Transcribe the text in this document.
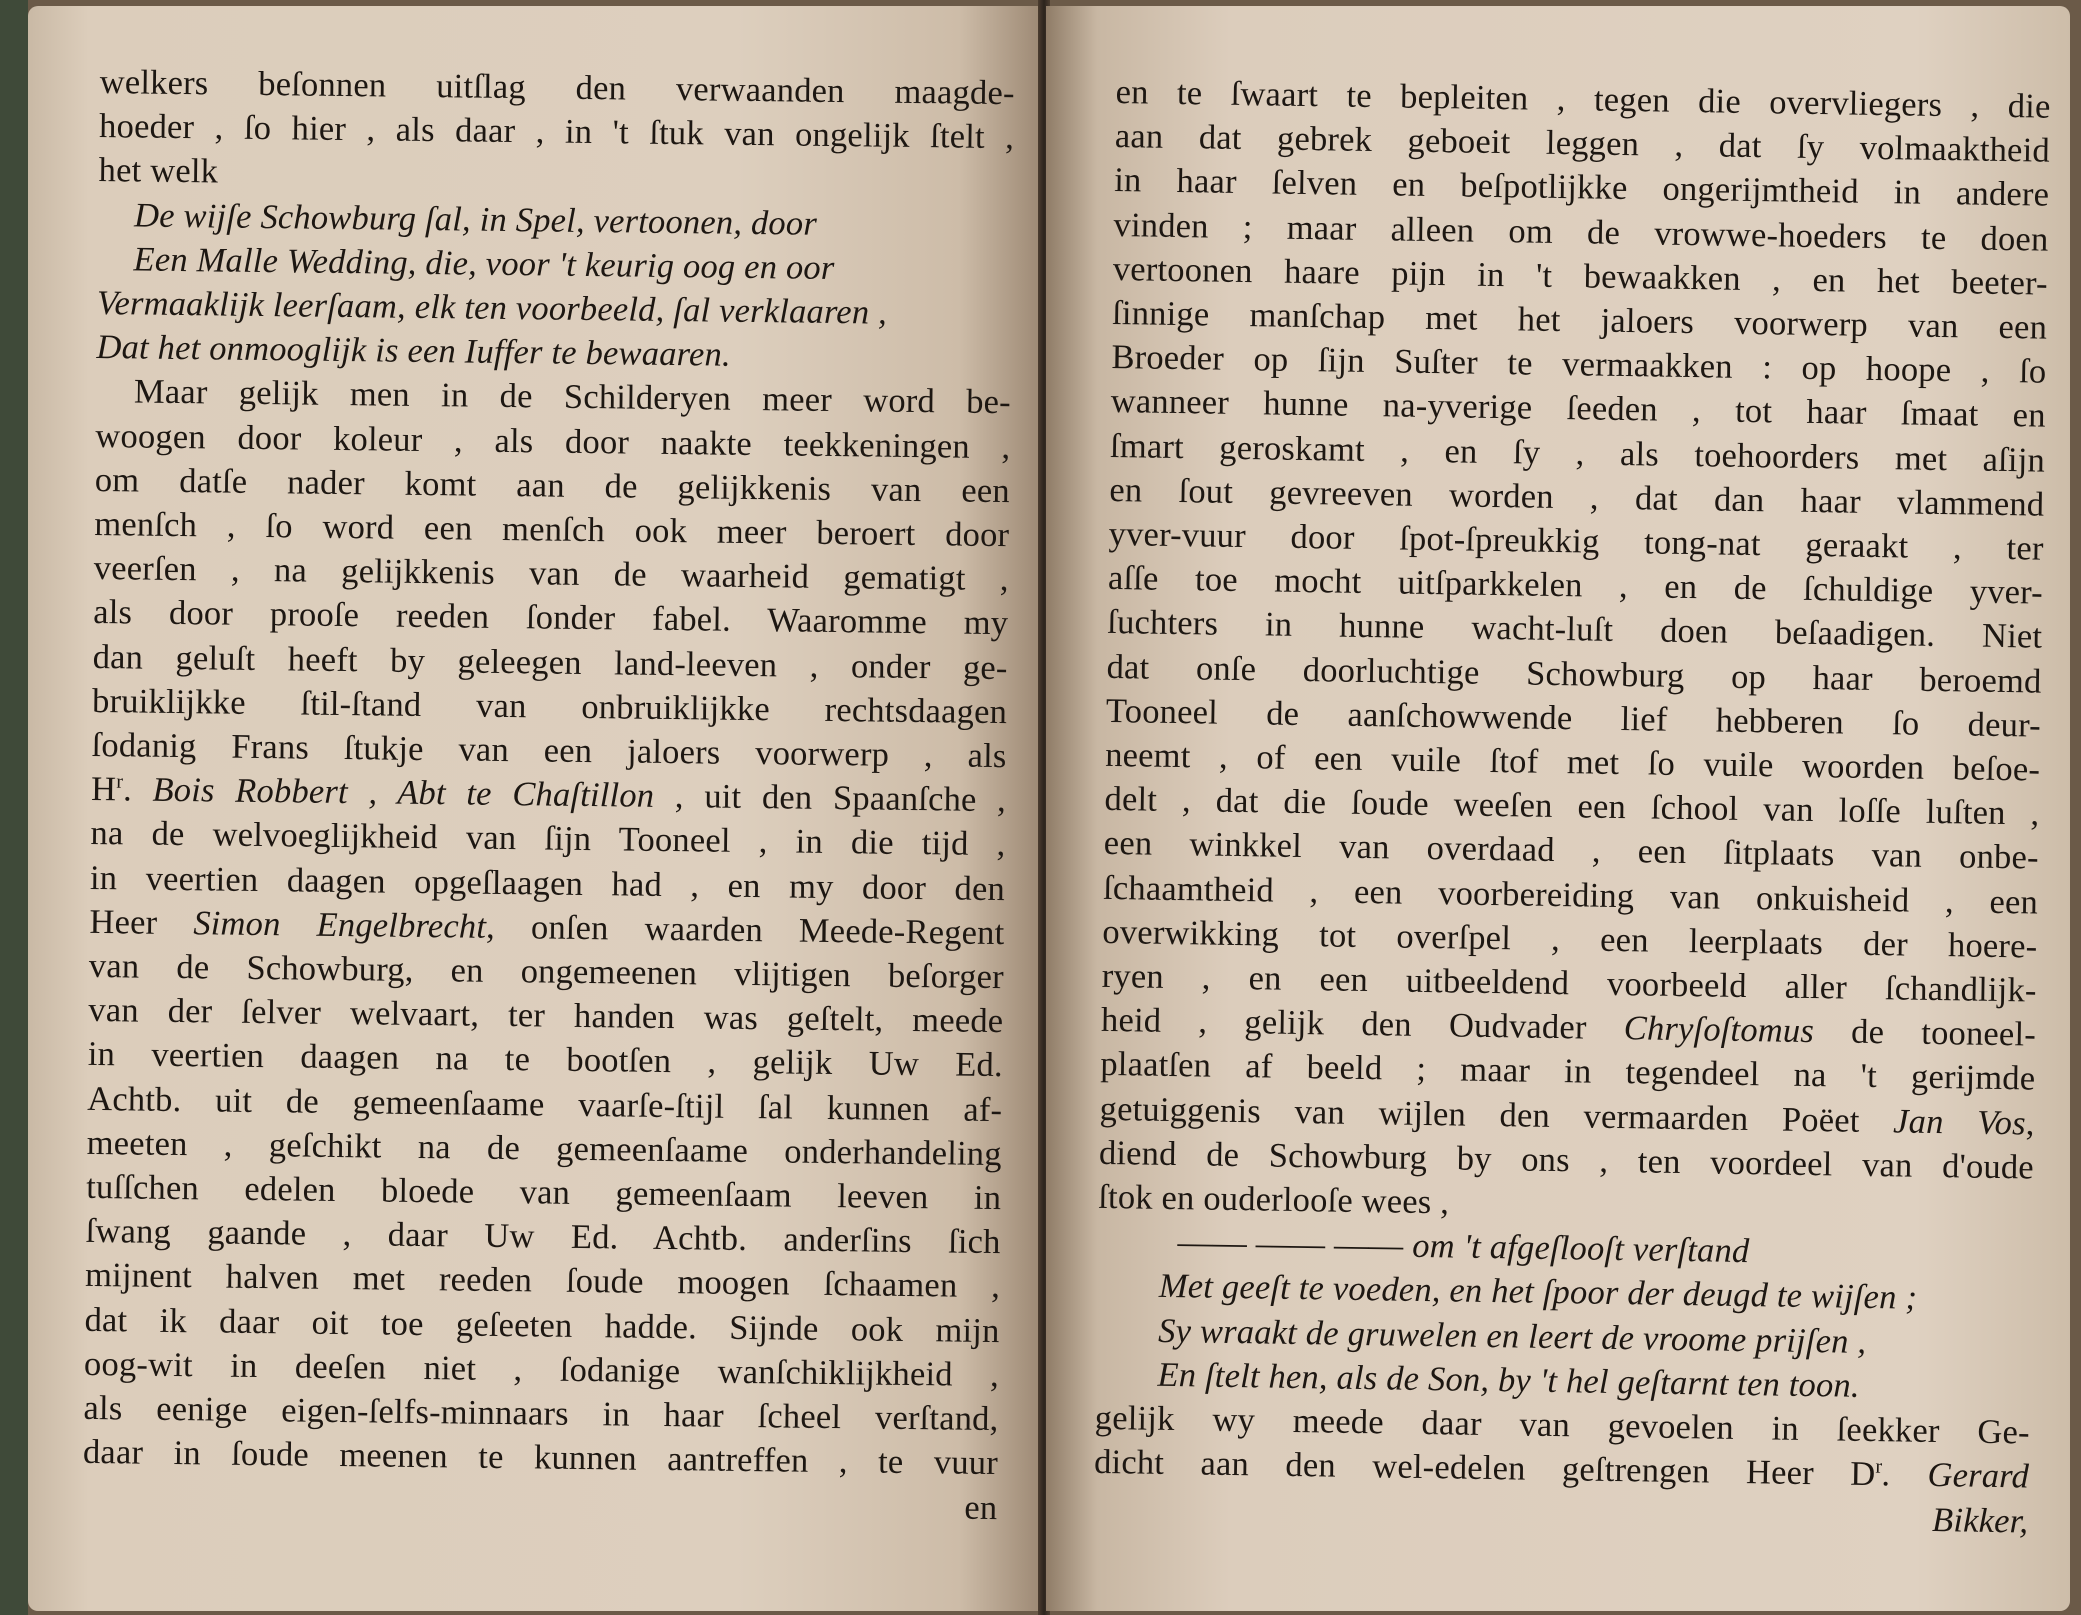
welkers beſonnen uitſlag den verwaanden maagde-
hoeder , ſo hier , als daar , in 't ſtuk van ongelijk ſtelt ,
het welk
De wijſe Schowburg ſal, in Spel, vertoonen, door
Een Malle Wedding, die, voor 't keurig oog en oor
Vermaaklijk leerſaam, elk ten voorbeeld, ſal verklaaren ,
Dat het onmooglijk is een Iuffer te bewaaren.
Maar gelijk men in de Schilderyen meer word be-
woogen door koleur , als door naakte teekkeningen ,
om datſe nader komt aan de gelijkkenis van een
menſch , ſo word een menſch ook meer beroert door
veerſen , na gelijkkenis van de waarheid gematigt ,
als door prooſe reeden ſonder fabel. Waaromme my
dan geluſt heeft by geleegen land-leeven , onder ge-
bruiklijkke ſtil-ſtand van onbruiklijkke rechtsdaagen
ſodanig Frans ſtukje van een jaloers voorwerp , als
$H^r$. Bois Robbert , Abt te Chaſtillon , uit den Spaanſche ,
na de welvoeglijkheid van ſijn Tooneel , in die tijd ,
in veertien daagen opgeſlaagen had , en my door den
Heer Simon Engelbrecht, onſen waarden Meede-Regent
van de Schowburg, en ongemeenen vlijtigen beſorger
van der ſelver welvaart, ter handen was geſtelt, meede
in veertien daagen na te bootſen , gelijk Uw Ed.
Achtb. uit de gemeenſaame vaarſe-ſtijl ſal kunnen af-
meeten , geſchikt na de gemeenſaame onderhandeling
tuſſchen edelen bloede van gemeenſaam leeven in
ſwang gaande , daar Uw Ed. Achtb. anderſins ſich
mijnent halven met reeden ſoude moogen ſchaamen ,
dat ik daar oit toe geſeeten hadde. Sijnde ook mijn
oog-wit in deeſen niet , ſodanige wanſchiklijkheid ,
als eenige eigen-ſelfs-minnaars in haar ſcheel verſtand,
daar in ſoude meenen te kunnen aantreffen , te vuur
en
en te ſwaart te bepleiten , tegen die overvliegers , die
aan dat gebrek geboeit leggen , dat ſy volmaaktheid
in haar ſelven en beſpotlijkke ongerijmtheid in andere
vinden ; maar alleen om de vrowwe-hoeders te doen
vertoonen haare pijn in 't bewaakken , en het beeter-
ſinnige manſchap met het jaloers voorwerp van een
Broeder op ſijn Suſter te vermaakken : op hoope , ſo
wanneer hunne na-yverige ſeeden , tot haar ſmaat en
ſmart geroskamt , en ſy , als toehoorders met aſijn
en ſout gevreeven worden , dat dan haar vlammend
yver-vuur door ſpot-ſpreukkig tong-nat geraakt , ter
aſſe toe mocht uitſparkkelen , en de ſchuldige yver-
ſuchters in hunne wacht-luſt doen beſaadigen. Niet
dat onſe doorluchtige Schowburg op haar beroemd
Tooneel de aanſchowwende lief hebberen ſo deur-
neemt , of een vuile ſtof met ſo vuile woorden beſoe-
delt , dat die ſoude weeſen een ſchool van loſſe luſten ,
een winkkel van overdaad , een ſitplaats van onbe-
ſchaamtheid , een voorbereiding van onkuisheid , een
overwikking tot overſpel , een leerplaats der hoere-
ryen , en een uitbeeldend voorbeeld aller ſchandlijk-
heid , gelijk den Oudvader Chryſoſtomus de tooneel-
plaatſen af beeld ; maar in tegendeel na 't gerijmde
getuiggenis van wijlen den vermaarden Poëet Jan Vos,
diend de Schowburg by ons , ten voordeel van d'oude
ſtok en ouderlooſe wees ,
—— —— —— om 't afgeſlooſt verſtand
Met geeſt te voeden, en het ſpoor der deugd te wijſen ;
Sy wraakt de gruwelen en leert de vroome prijſen ,
En ſtelt hen, als de Son, by 't hel geſtarnt ten toon.
gelijk wy meede daar van gevoelen in ſeekker Ge-
dicht aan den wel-edelen geſtrengen Heer $D^r$. Gerard
Bikker,
